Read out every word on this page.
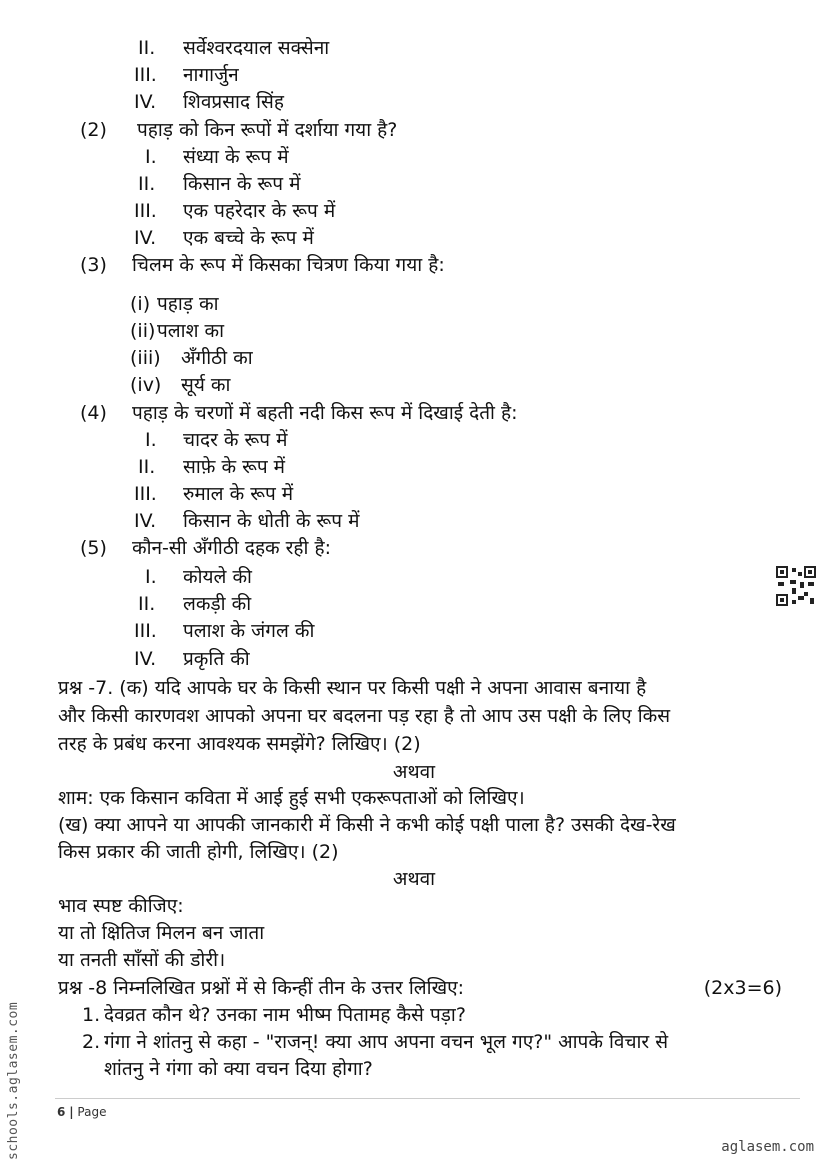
II. सर्वेश्वरदयाल सक्सेना
III. नागार्जुन
IV. शिवप्रसाद सिंह
(2) पहाड़ को किन रूपों में दर्शाया गया है?
I. संध्या के रूप में
II. किसान के रूप में
III. एक पहरेदार के रूप में
IV. एक बच्चे के रूप में
(3) चिलम के रूप में किसका चित्रण किया गया है:
(i) पहाड़ का
(ii) पलाश का
(iii) अँगीठी का
(iv) सूर्य का
(4) पहाड़ के चरणों में बहती नदी किस रूप में दिखाई देती है:
I. चादर के रूप में
II. साफ़े के रूप में
III. रुमाल के रूप में
IV. किसान के धोती के रूप में
(5) कौन-सी अँगीठी दहक रही है:
I. कोयले की
II. लकड़ी की
III. पलाश के जंगल की
IV. प्रकृति की
प्रश्न -7. (क) यदि आपके घर के किसी स्थान पर किसी पक्षी ने अपना आवास बनाया है
और किसी कारणवश आपको अपना घर बदलना पड़ रहा है तो आप उस पक्षी के लिए किस
तरह के प्रबंध करना आवश्यक समझेंगे? लिखिए। (2)
अथवा
शाम: एक किसान कविता में आई हुई सभी एकरूपताओं को लिखिए।
(ख) क्या आपने या आपकी जानकारी में किसी ने कभी कोई पक्षी पाला है? उसकी देख-रेख
किस प्रकार की जाती होगी, लिखिए। (2)
अथवा
भाव स्पष्ट कीजिए:
या तो क्षितिज मिलन बन जाता
या तनती साँसों की डोरी।
प्रश्न -8 निम्नलिखित प्रश्नों में से किन्हीं तीन के उत्तर लिखिए:	(2x3=6)
1. देवव्रत कौन थे? उनका नाम भीष्म पितामह कैसे पड़ा?
2. गंगा ने शांतनु से कहा - "राजन्! क्या आप अपना वचन भूल गए?" आपके विचार से
शांतनु ने गंगा को क्या वचन दिया होगा?
6 | Page
aglasem.com
schools.aglasem.com
